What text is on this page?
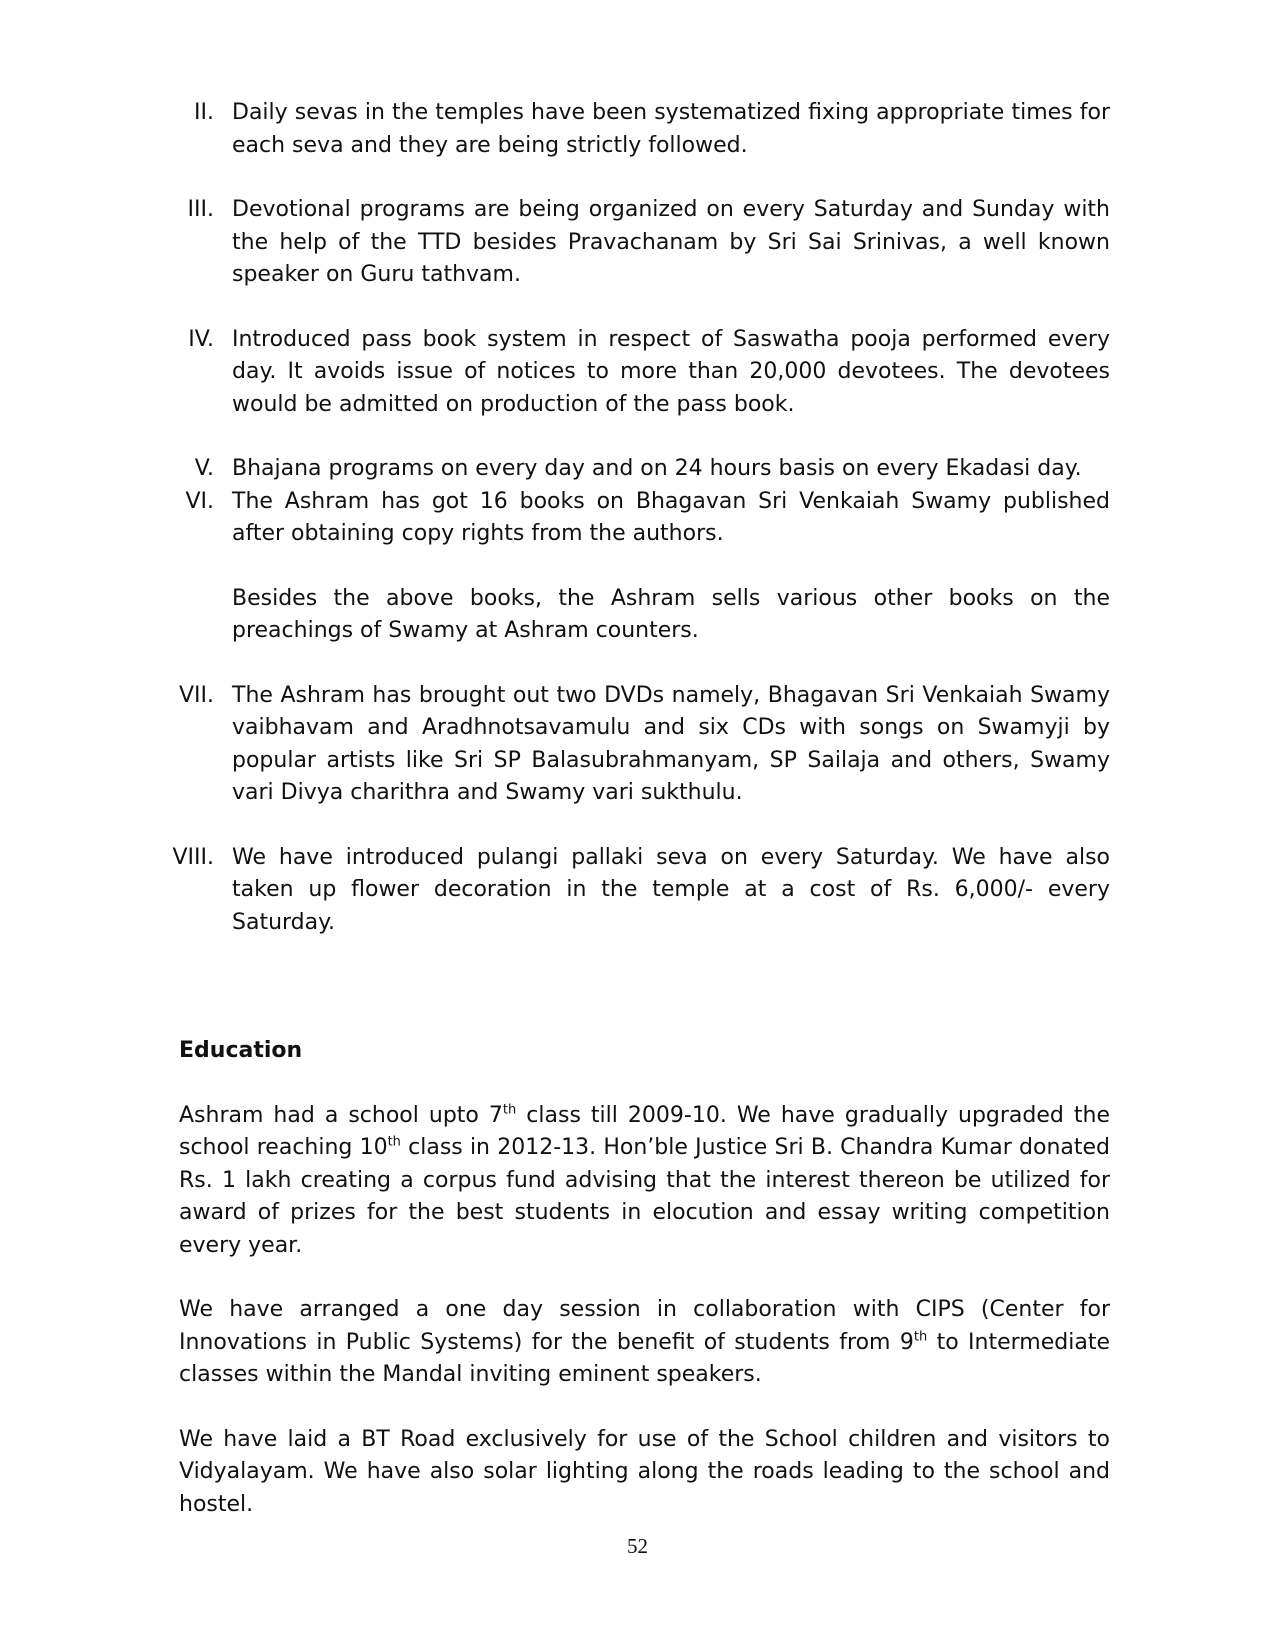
II. Daily sevas in the temples have been systematized fixing appropriate times for each seva and they are being strictly followed.

III. Devotional programs are being organized on every Saturday and Sunday with the help of the TTD besides Pravachanam by Sri Sai Srinivas, a well known speaker on Guru tathvam.

IV. Introduced pass book system in respect of Saswatha pooja performed every day. It avoids issue of notices to more than 20,000 devotees. The devotees would be admitted on production of the pass book.

V. Bhajana programs on every day and on 24 hours basis on every Ekadasi day.

VI. The Ashram has got 16 books on Bhagavan Sri Venkaiah Swamy published after obtaining copy rights from the authors.

Besides the above books, the Ashram sells various other books on the preachings of Swamy at Ashram counters.

VII. The Ashram has brought out two DVDs namely, Bhagavan Sri Venkaiah Swamy vaibhavam and Aradhnotsavamulu and six CDs with songs on Swamyji by popular artists like Sri SP Balasubrahmanyam, SP Sailaja and others, Swamy vari Divya charithra and Swamy vari sukthulu.

VIII. We have introduced pulangi pallaki seva on every Saturday. We have also taken up flower decoration in the temple at a cost of Rs. 6,000/- every Saturday.

Education

Ashram had a school upto 7th class till 2009-10. We have gradually upgraded the school reaching 10th class in 2012-13. Hon’ble Justice Sri B. Chandra Kumar donated Rs. 1 lakh creating a corpus fund advising that the interest thereon be utilized for award of prizes for the best students in elocution and essay writing competition every year.

We have arranged a one day session in collaboration with CIPS (Center for Innovations in Public Systems) for the benefit of students from 9th to Intermediate classes within the Mandal inviting eminent speakers.

We have laid a BT Road exclusively for use of the School children and visitors to Vidyalayam. We have also solar lighting along the roads leading to the school and hostel.

52
